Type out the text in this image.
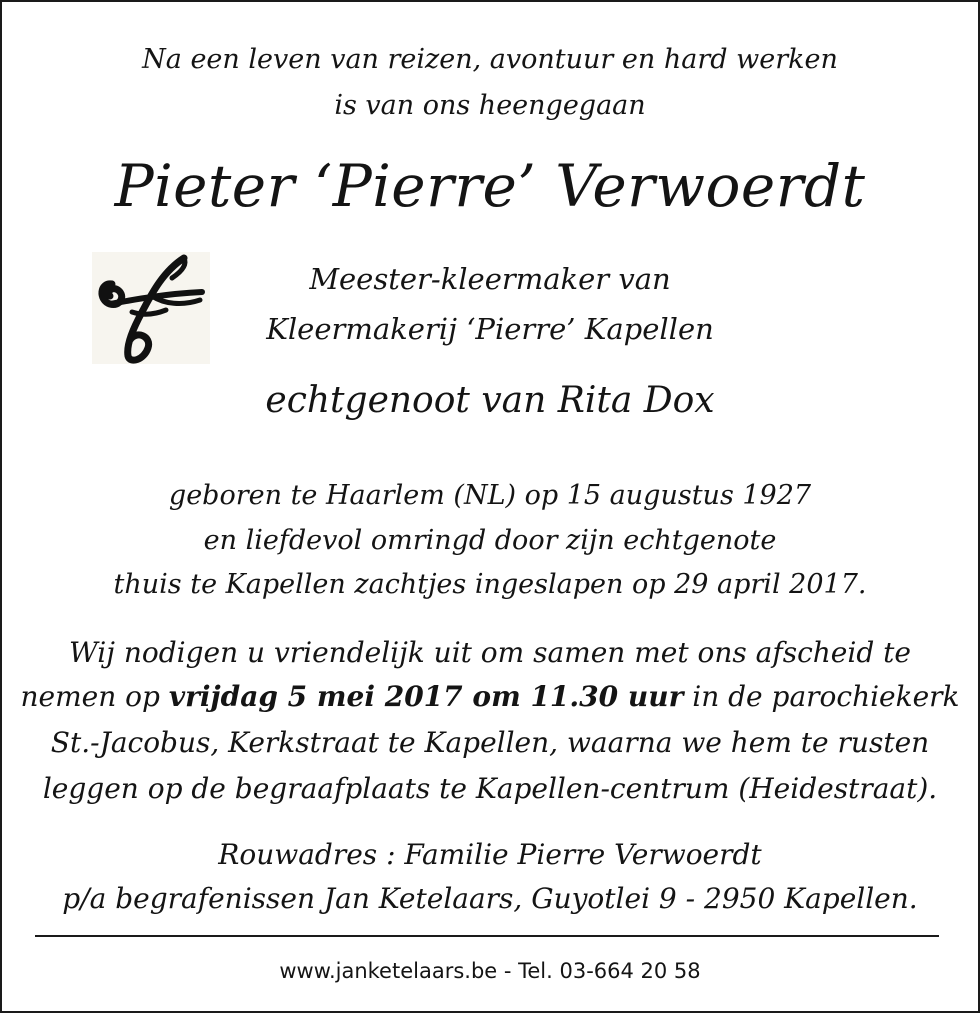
Na een leven van reizen, avontuur en hard werken
is van ons heengegaan
Pieter ‘Pierre’ Verwoerdt
Meester-kleermaker van
Kleermakerij ‘Pierre’ Kapellen
echtgenoot van Rita Dox
geboren te Haarlem (NL) op 15 augustus 1927
en liefdevol omringd door zijn echtgenote
thuis te Kapellen zachtjes ingeslapen op 29 april 2017.
Wij nodigen u vriendelijk uit om samen met ons afscheid te
nemen op vrijdag 5 mei 2017 om 11.30 uur in de parochiekerk
St.-Jacobus, Kerkstraat te Kapellen, waarna we hem te rusten
leggen op de begraafplaats te Kapellen-centrum (Heidestraat).
Rouwadres : Familie Pierre Verwoerdt
p/a begrafenissen Jan Ketelaars, Guyotlei 9 - 2950 Kapellen.
www.janketelaars.be - Tel. 03-664 20 58
